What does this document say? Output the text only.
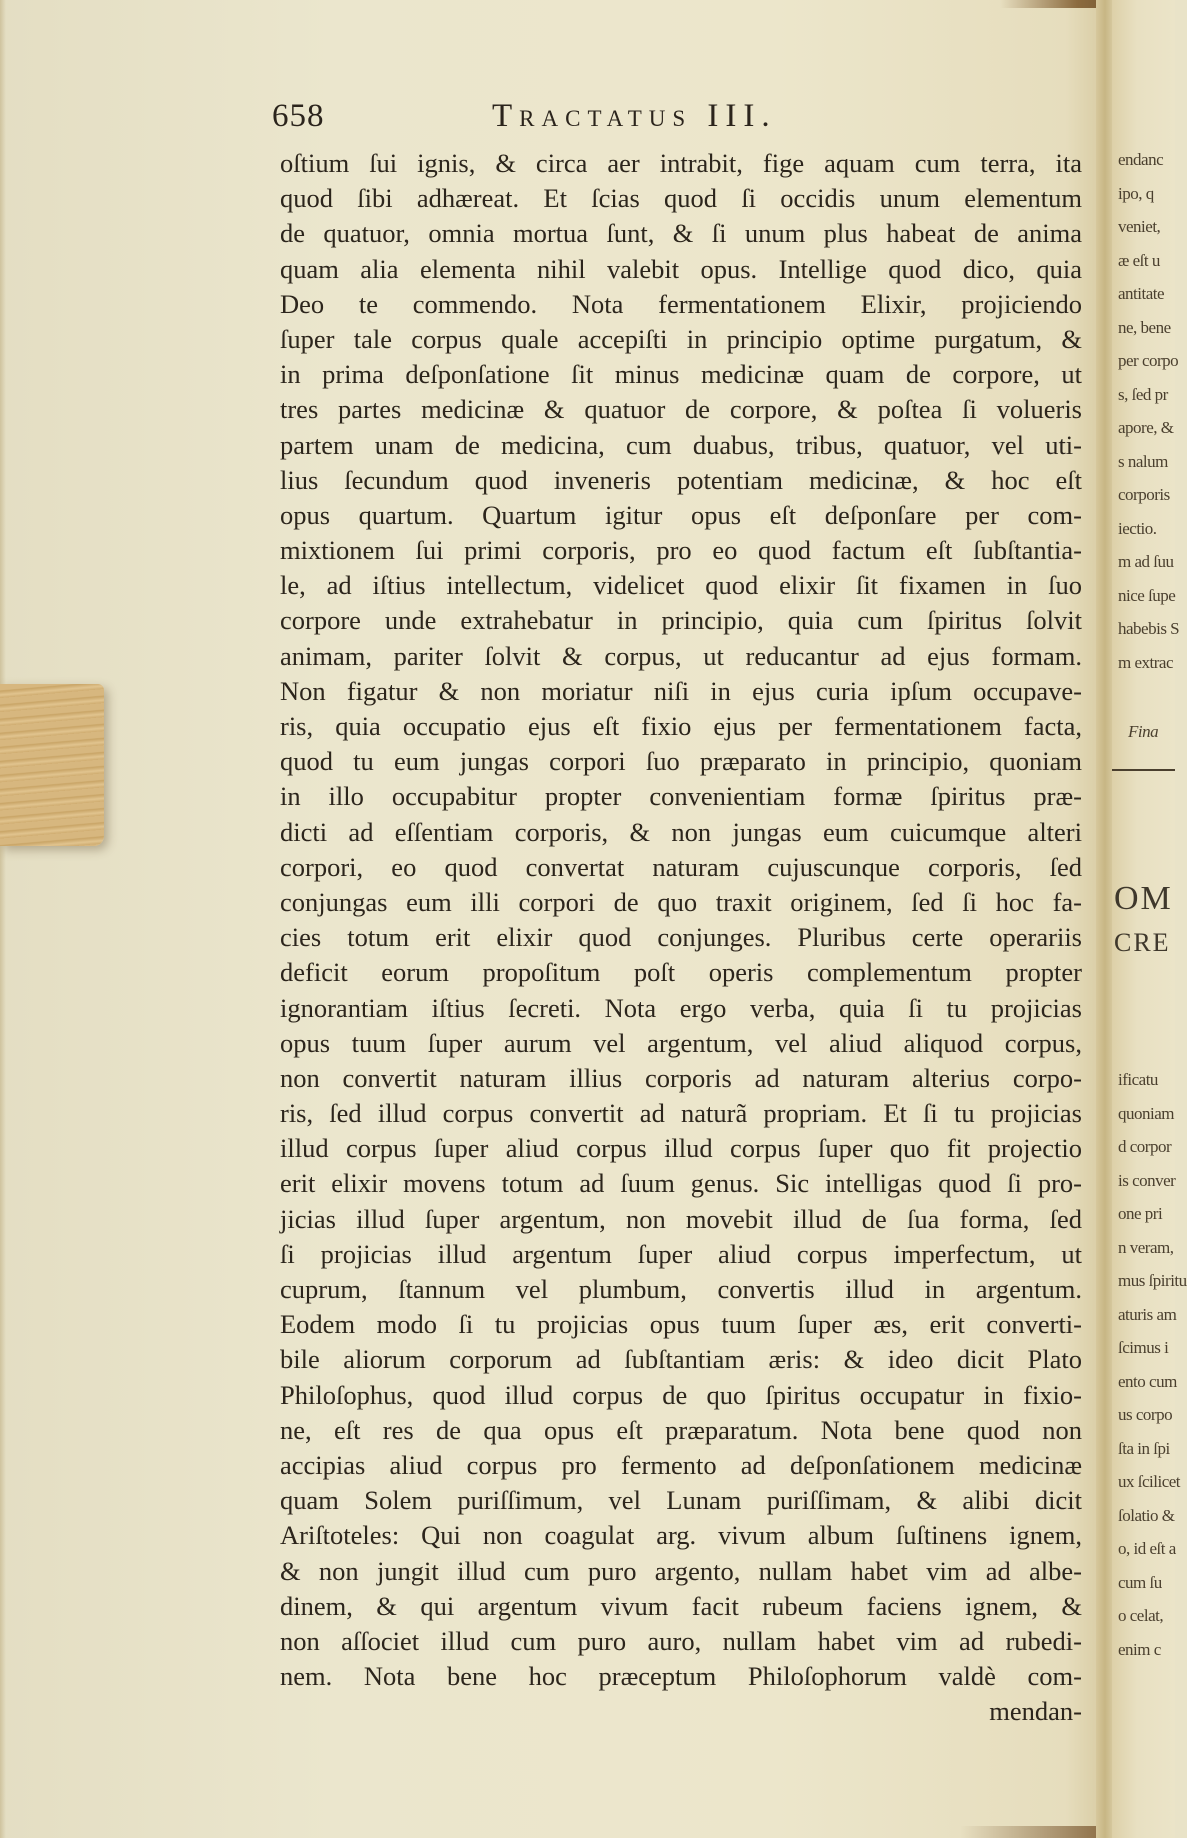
658	Tractatus III.
oſtium ſui ignis, & circa aer intrabit, fige aquam cum terra, ita
quod ſibi adhæreat. Et ſcias quod ſi occidis unum elementum
de quatuor, omnia mortua ſunt, & ſi unum plus habeat de anima
quam alia elementa nihil valebit opus. Intellige quod dico, quia
Deo te commendo. Nota fermentationem Elixir, projiciendo
ſuper tale corpus quale accepiſti in principio optime purgatum, &
in prima deſponſatione ſit minus medicinæ quam de corpore, ut
tres partes medicinæ & quatuor de corpore, & poſtea ſi volueris
partem unam de medicina, cum duabus, tribus, quatuor, vel uti-
lius ſecundum quod inveneris potentiam medicinæ, & hoc eſt
opus quartum. Quartum igitur opus eſt deſponſare per com-
mixtionem ſui primi corporis, pro eo quod factum eſt ſubſtantia-
le, ad iſtius intellectum, videlicet quod elixir ſit fixamen in ſuo
corpore unde extrahebatur in principio, quia cum ſpiritus ſolvit
animam, pariter ſolvit & corpus, ut reducantur ad ejus formam.
Non figatur & non moriatur niſi in ejus curia ipſum occupave-
ris, quia occupatio ejus eſt fixio ejus per fermentationem facta,
quod tu eum jungas corpori ſuo præparato in principio, quoniam
in illo occupabitur propter convenientiam formæ ſpiritus præ-
dicti ad eſſentiam corporis, & non jungas eum cuicumque alteri
corpori, eo quod convertat naturam cujuscunque corporis, ſed
conjungas eum illi corpori de quo traxit originem, ſed ſi hoc fa-
cies totum erit elixir quod conjunges. Pluribus certe operariis
deficit eorum propoſitum poſt operis complementum propter
ignorantiam iſtius ſecreti. Nota ergo verba, quia ſi tu projicias
opus tuum ſuper aurum vel argentum, vel aliud aliquod corpus,
non convertit naturam illius corporis ad naturam alterius corpo-
ris, ſed illud corpus convertit ad naturã propriam. Et ſi tu projicias
illud corpus ſuper aliud corpus illud corpus ſuper quo fit projectio
erit elixir movens totum ad ſuum genus. Sic intelligas quod ſi pro-
jicias illud ſuper argentum, non movebit illud de ſua forma, ſed
ſi projicias illud argentum ſuper aliud corpus imperfectum, ut
cuprum, ſtannum vel plumbum, convertis illud in argentum.
Eodem modo ſi tu projicias opus tuum ſuper æs, erit converti-
bile aliorum corporum ad ſubſtantiam æris: & ideo dicit Plato
Philoſophus, quod illud corpus de quo ſpiritus occupatur in fixio-
ne, eſt res de qua opus eſt præparatum. Nota bene quod non
accipias aliud corpus pro fermento ad deſponſationem medicinæ
quam Solem puriſſimum, vel Lunam puriſſimam, & alibi dicit
Ariſtoteles: Qui non coagulat arg. vivum album ſuſtinens ignem,
& non jungit illud cum puro argento, nullam habet vim ad albe-
dinem, & qui argentum vivum facit rubeum faciens ignem, &
non aſſociet illud cum puro auro, nullam habet vim ad rubedi-
nem. Nota bene hoc præceptum Philoſophorum valdè com-
mendan-
endanc
ipo, q
veniet,
æ eſt u
antitate
ne, bene
per corpo
s, ſed pr
apore, &
s nalum
corporis
iectio.
m ad ſuu
nice ſupe
habebis S
m extrac
Fina
OM
CRE
ificatu
quoniam
d corpor
is conver
one pri
n veram,
mus ſpiritu
aturis am
ſcimus i
ento cum
us corpo
ſta in ſpi
ux ſcilicet
ſolatio &
o, id eſt a
cum ſu
o celat,
enim c
